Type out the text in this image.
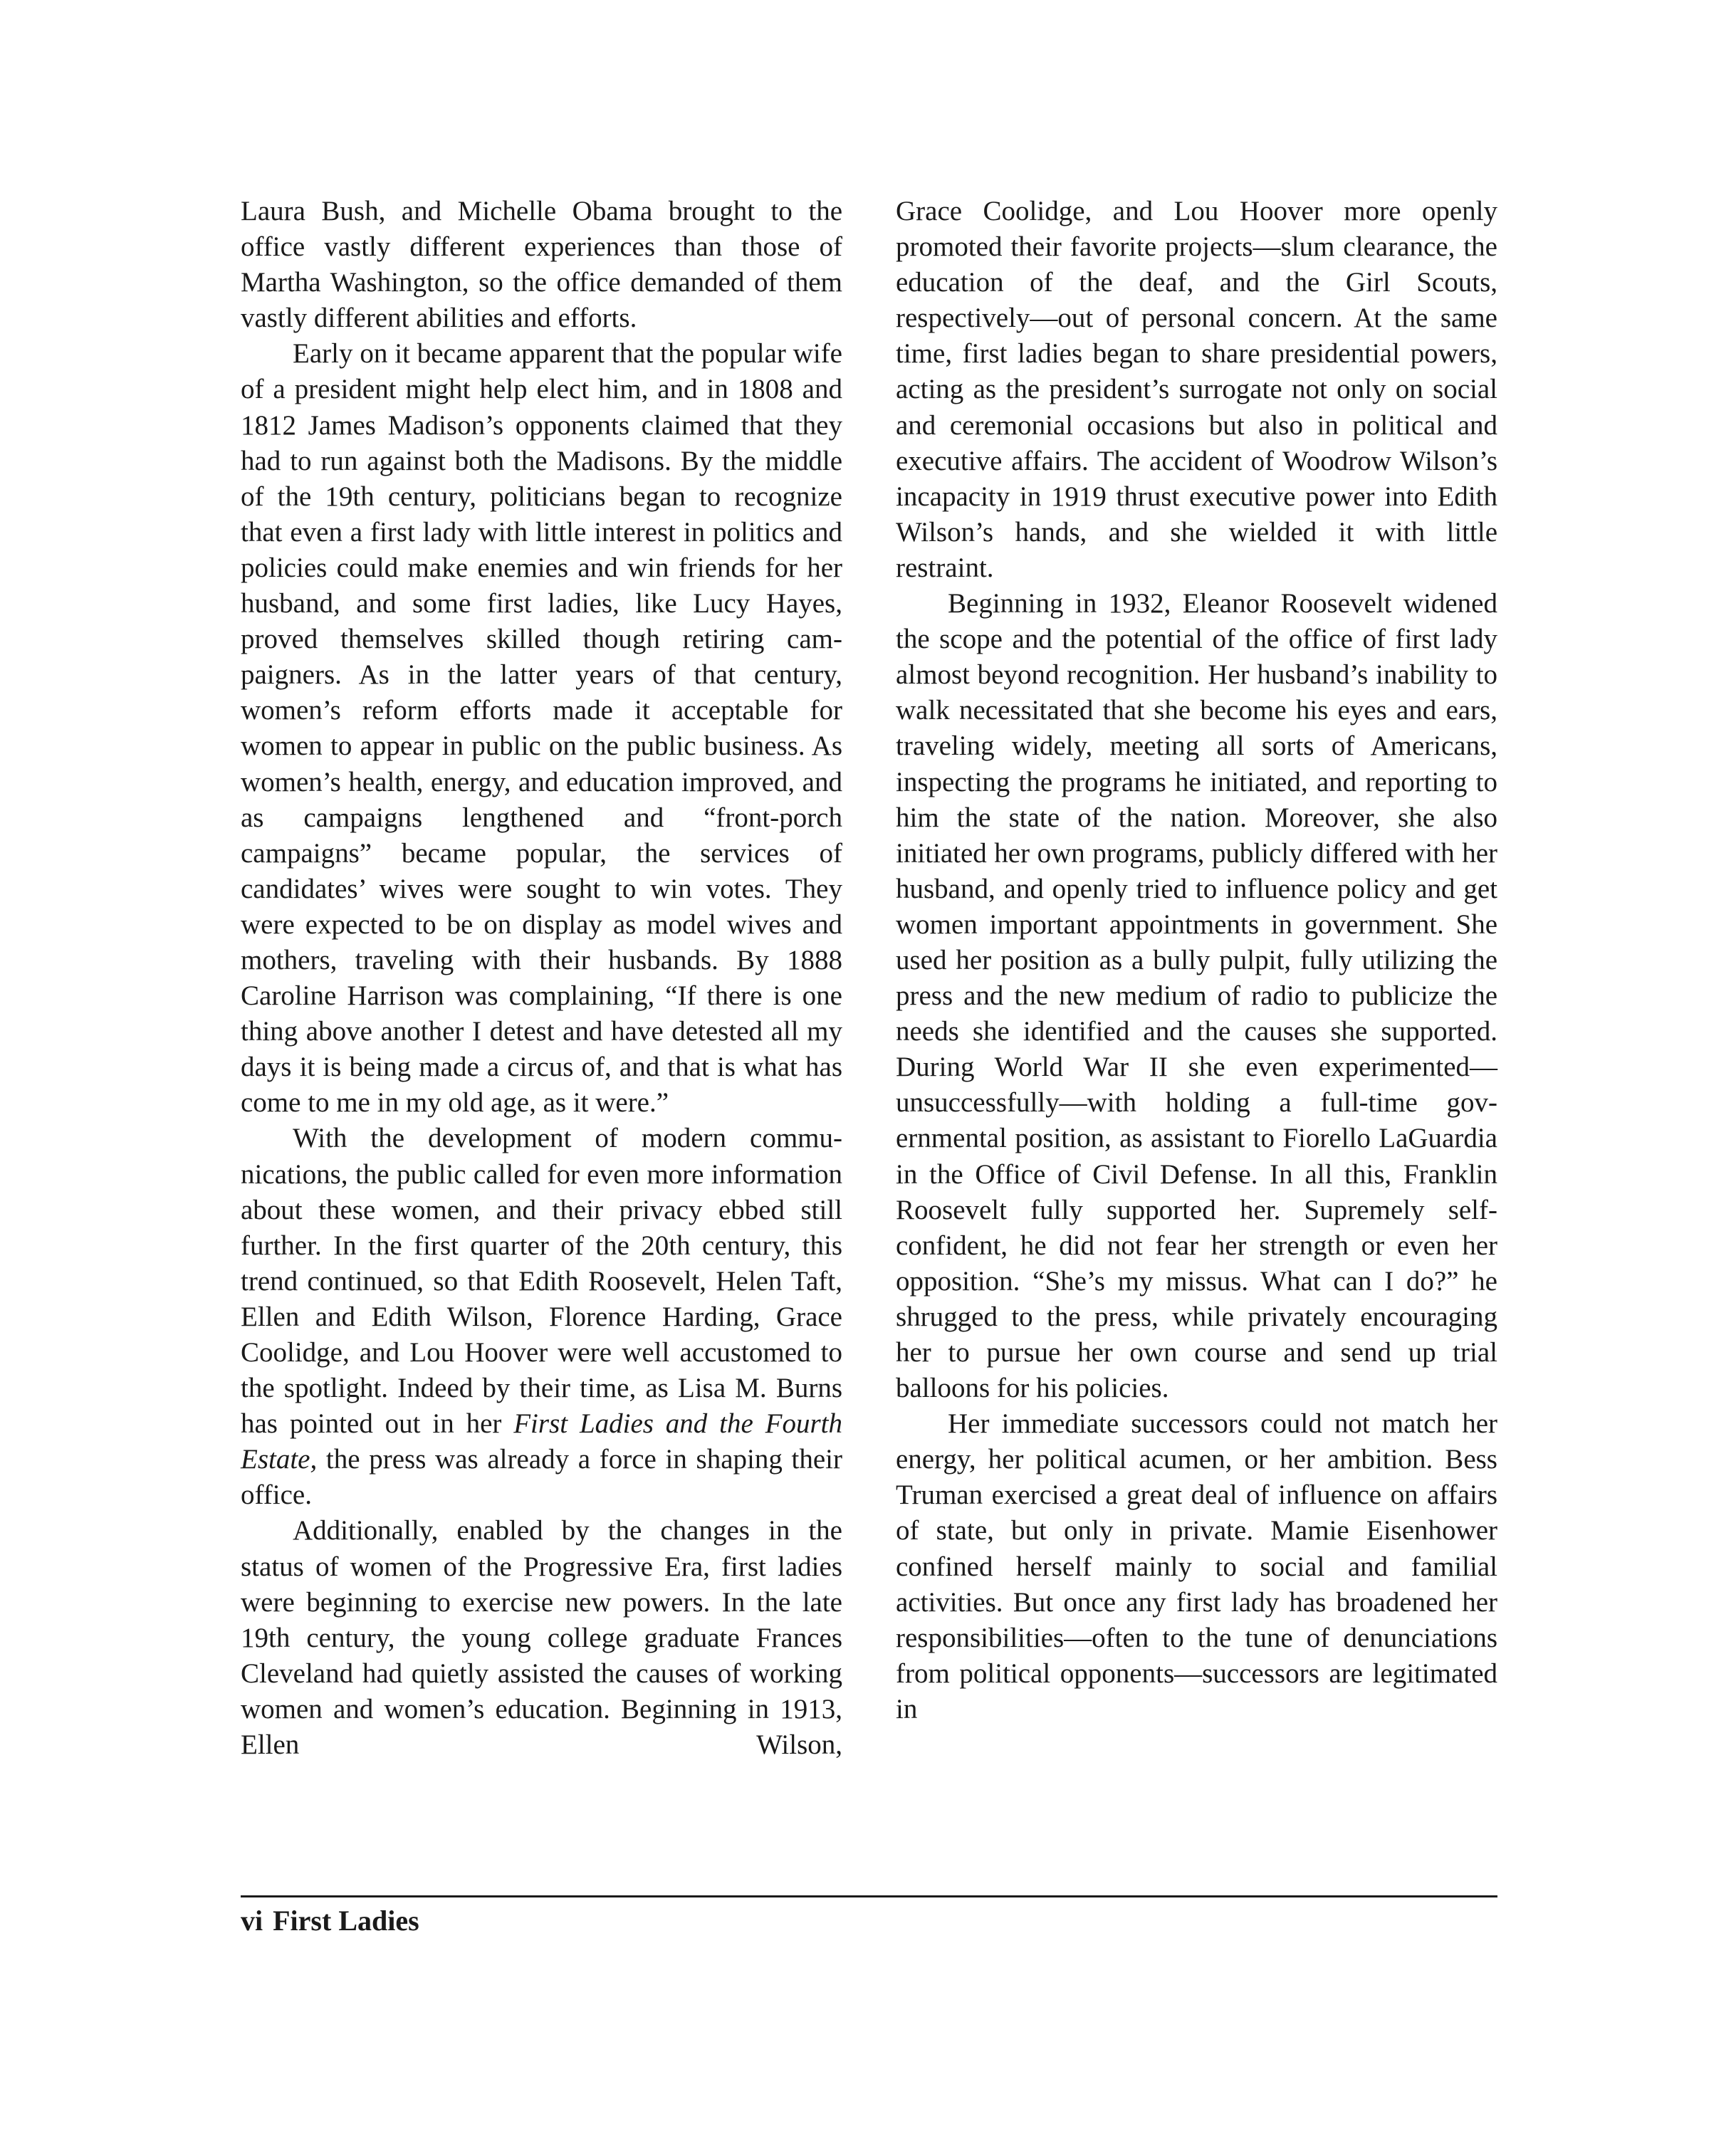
Laura Bush, and Michelle Obama brought to the office vastly different experiences than those of Martha Washington, so the office demanded of them vastly different abilities and efforts.

Early on it became apparent that the popular wife of a president might help elect him, and in 1808 and 1812 James Madison’s opponents claimed that they had to run against both the Madisons. By the middle of the 19th century, politicians began to recognize that even a first lady with little interest in politics and policies could make enemies and win friends for her husband, and some first ladies, like Lucy Hayes, proved themselves skilled though retiring campaigners. As in the latter years of that century, women’s reform efforts made it acceptable for women to appear in public on the public business. As women’s health, energy, and education improved, and as campaigns lengthened and “front-porch campaigns” became popular, the services of candidates’ wives were sought to win votes. They were expected to be on display as model wives and mothers, traveling with their husbands. By 1888 Caroline Harrison was complaining, “If there is one thing above another I detest and have detested all my days it is being made a circus of, and that is what has come to me in my old age, as it were.”

With the development of modern communications, the public called for even more information about these women, and their privacy ebbed still further. In the first quarter of the 20th century, this trend continued, so that Edith Roosevelt, Helen Taft, Ellen and Edith Wilson, Florence Harding, Grace Coolidge, and Lou Hoover were well accustomed to the spotlight. Indeed by their time, as Lisa M. Burns has pointed out in her First Ladies and the Fourth Estate, the press was already a force in shaping their office.

Additionally, enabled by the changes in the status of women of the Progressive Era, first ladies were beginning to exercise new powers. In the late 19th century, the young college graduate Frances Cleveland had quietly assisted the causes of working women and women’s education. Beginning in 1913, Ellen Wilson,

Grace Coolidge, and Lou Hoover more openly promoted their favorite projects—slum clearance, the education of the deaf, and the Girl Scouts, respectively—out of personal concern. At the same time, first ladies began to share presidential powers, acting as the president’s surrogate not only on social and ceremonial occasions but also in political and executive affairs. The accident of Woodrow Wilson’s incapacity in 1919 thrust executive power into Edith Wilson’s hands, and she wielded it with little restraint.

Beginning in 1932, Eleanor Roosevelt widened the scope and the potential of the office of first lady almost beyond recognition. Her husband’s inability to walk necessitated that she become his eyes and ears, traveling widely, meeting all sorts of Americans, inspecting the programs he initiated, and reporting to him the state of the nation. Moreover, she also initiated her own programs, publicly differed with her husband, and openly tried to influence policy and get women important appointments in government. She used her position as a bully pulpit, fully utilizing the press and the new medium of radio to publicize the needs she identified and the causes she supported. During World War II she even experimented— unsuccessfully—with holding a full-time governmental position, as assistant to Fiorello LaGuardia in the Office of Civil Defense. In all this, Franklin Roosevelt fully supported her. Supremely self-confident, he did not fear her strength or even her opposition. “She’s my missus. What can I do?” he shrugged to the press, while privately encouraging her to pursue her own course and send up trial balloons for his policies.

Her immediate successors could not match her energy, her political acumen, or her ambition. Bess Truman exercised a great deal of influence on affairs of state, but only in private. Mamie Eisenhower confined herself mainly to social and familial activities. But once any first lady has broadened her responsibilities—often to the tune of denunciations from political opponents—successors are legitimated in

vi First Ladies
